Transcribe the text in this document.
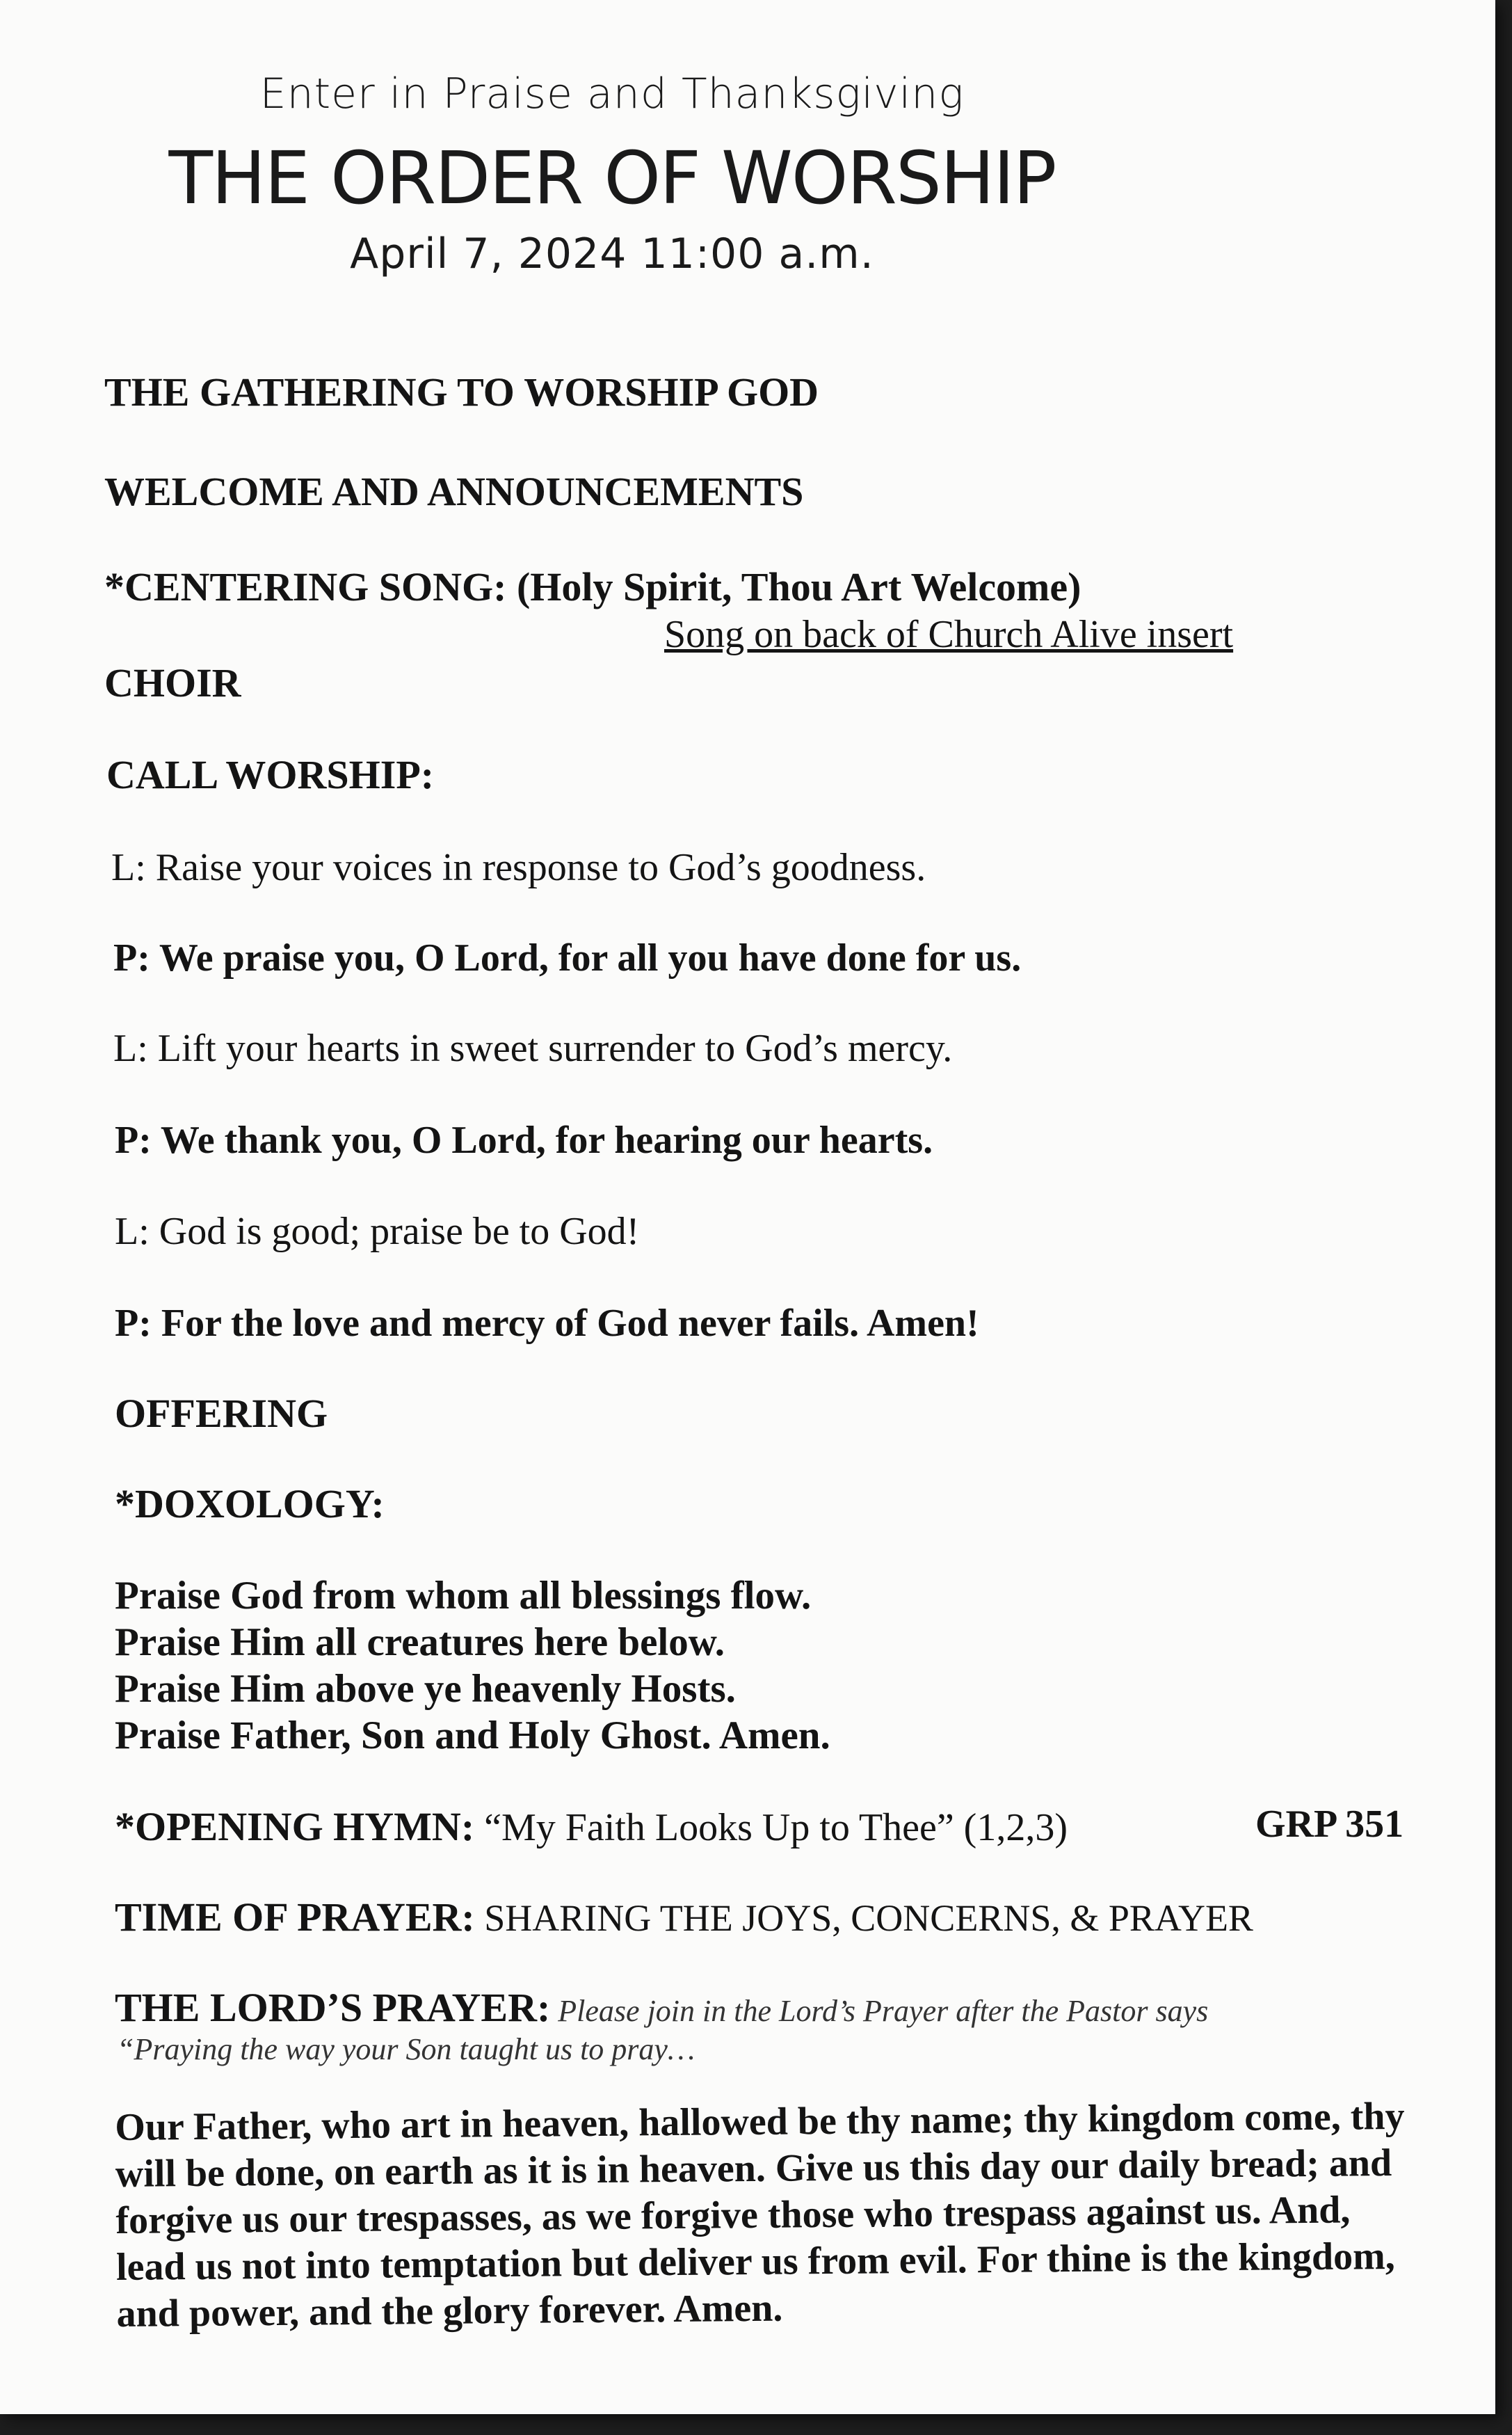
Enter in Praise and Thanksgiving
THE ORDER OF WORSHIP
April 7, 2024 11:00 a.m.
THE GATHERING TO WORSHIP GOD
WELCOME AND ANNOUNCEMENTS
*CENTERING SONG: (Holy Spirit, Thou Art Welcome)
Song on back of Church Alive insert
CHOIR
CALL WORSHIP:
L: Raise your voices in response to God’s goodness.
P: We praise you, O Lord, for all you have done for us.
L: Lift your hearts in sweet surrender to God’s mercy.
P: We thank you, O Lord, for hearing our hearts.
L: God is good; praise be to God!
P: For the love and mercy of God never fails. Amen!
OFFERING
*DOXOLOGY:
Praise God from whom all blessings flow.
Praise Him all creatures here below.
Praise Him above ye heavenly Hosts.
Praise Father, Son and Holy Ghost. Amen.
*OPENING HYMN: “My Faith Looks Up to Thee” (1,2,3)	GRP 351
TIME OF PRAYER: SHARING THE JOYS, CONCERNS, & PRAYER
THE LORD’S PRAYER: Please join in the Lord’s Prayer after the Pastor says
“Praying the way your Son taught us to pray…
Our Father, who art in heaven, hallowed be thy name; thy kingdom come, thy will be done, on earth as it is in heaven. Give us this day our daily bread; and forgive us our trespasses, as we forgive those who trespass against us. And, lead us not into temptation but deliver us from evil. For thine is the kingdom, and power, and the glory forever. Amen.
